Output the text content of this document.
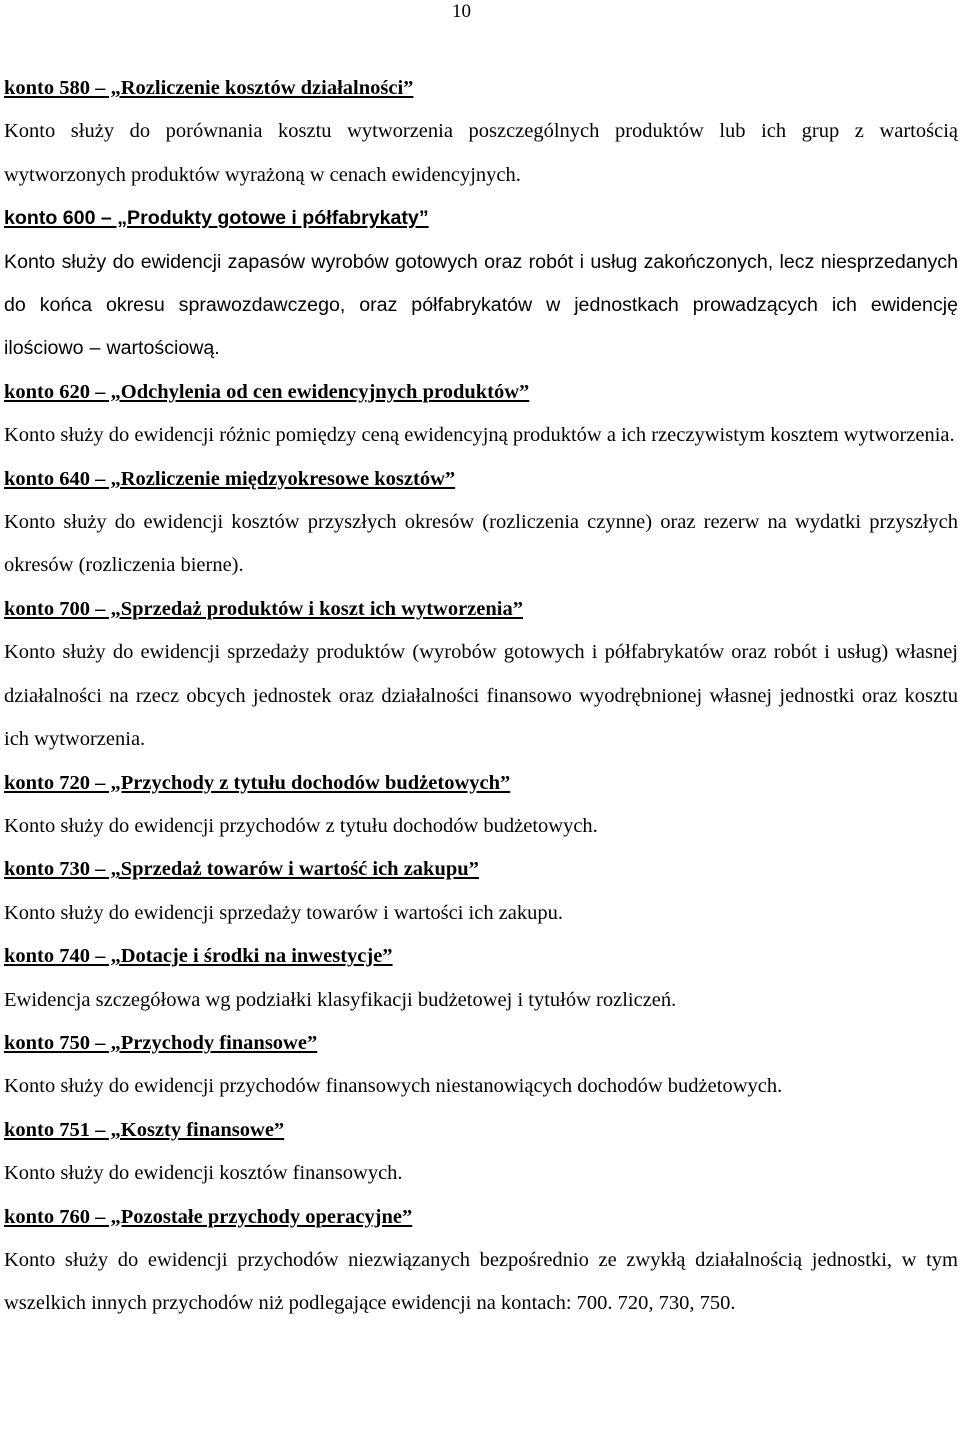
10

konto 580 – „Rozliczenie kosztów działalności”

Konto służy do porównania kosztu wytworzenia poszczególnych produktów lub ich grup z wartością wytworzonych produktów wyrażoną w cenach ewidencyjnych.

konto 600 – „Produkty gotowe i półfabrykaty”

Konto służy do ewidencji zapasów wyrobów gotowych oraz robót i usług zakończonych, lecz niesprzedanych do końca okresu sprawozdawczego, oraz półfabrykatów w jednostkach prowadzących ich ewidencję ilościowo – wartościową.

konto 620 – „Odchylenia od cen ewidencyjnych produktów”

Konto służy do ewidencji różnic pomiędzy ceną ewidencyjną produktów a ich rzeczywistym kosztem wytworzenia.

konto 640 – „Rozliczenie międzyokresowe kosztów”

Konto służy do ewidencji kosztów przyszłych okresów (rozliczenia czynne) oraz rezerw na wydatki przyszłych okresów (rozliczenia bierne).

konto 700 – „Sprzedaż produktów i koszt ich wytworzenia”

Konto służy do ewidencji sprzedaży produktów (wyrobów gotowych i półfabrykatów oraz robót i usług) własnej działalności na rzecz obcych jednostek oraz działalności finansowo wyodrębnionej własnej jednostki oraz kosztu ich wytworzenia.

konto 720 – „Przychody z tytułu dochodów budżetowych”

Konto służy do ewidencji przychodów z tytułu dochodów budżetowych.

konto 730 – „Sprzedaż towarów i wartość ich zakupu”

Konto służy do ewidencji sprzedaży towarów i wartości ich zakupu.

konto 740 – „Dotacje i środki na inwestycje”

Ewidencja szczegółowa wg podziałki klasyfikacji budżetowej i tytułów rozliczeń.

konto 750 – „Przychody finansowe”

Konto służy do ewidencji przychodów finansowych niestanowiących dochodów budżetowych.

konto 751 – „Koszty finansowe”

Konto służy do ewidencji kosztów finansowych.

konto 760 – „Pozostałe przychody operacyjne”

Konto służy do ewidencji przychodów niezwiązanych bezpośrednio ze zwykłą działalnością jednostki, w tym wszelkich innych przychodów niż podlegające ewidencji na kontach: 700. 720, 730, 750.
